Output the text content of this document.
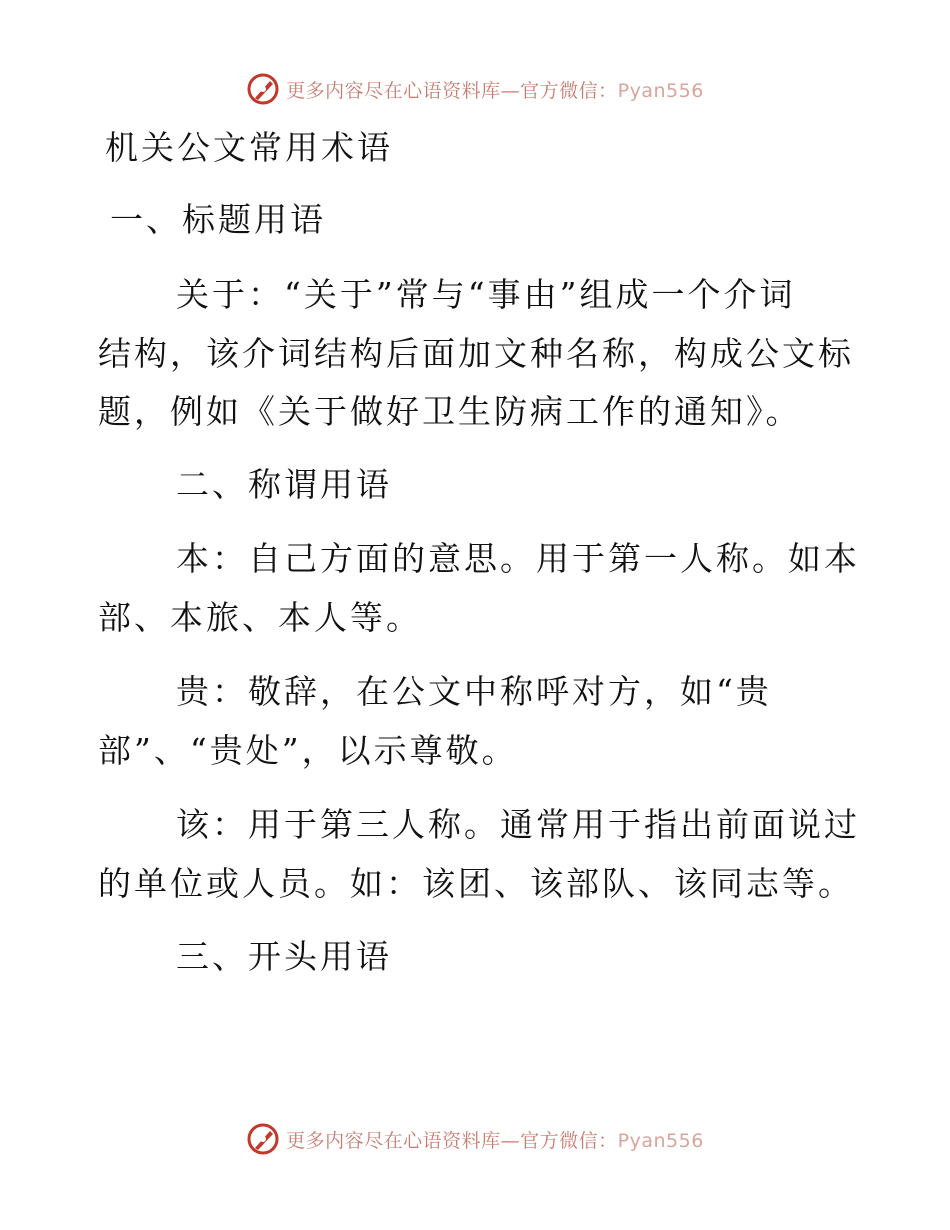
更多内容尽在心语资料库—官方微信：Pyan556
机关公文常用术语
一、标题用语
关于：“关于”常与“事由”组成一个介词
结构，该介词结构后面加文种名称，构成公文标
题，例如《关于做好卫生防病工作的通知》。
二、称谓用语
本：自己方面的意思。用于第一人称。如本
部、本旅、本人等。
贵：敬辞，在公文中称呼对方，如“贵
部”、“贵处”，以示尊敬。
该：用于第三人称。通常用于指出前面说过
的单位或人员。如：该团、该部队、该同志等。
三、开头用语
更多内容尽在心语资料库—官方微信：Pyan556
